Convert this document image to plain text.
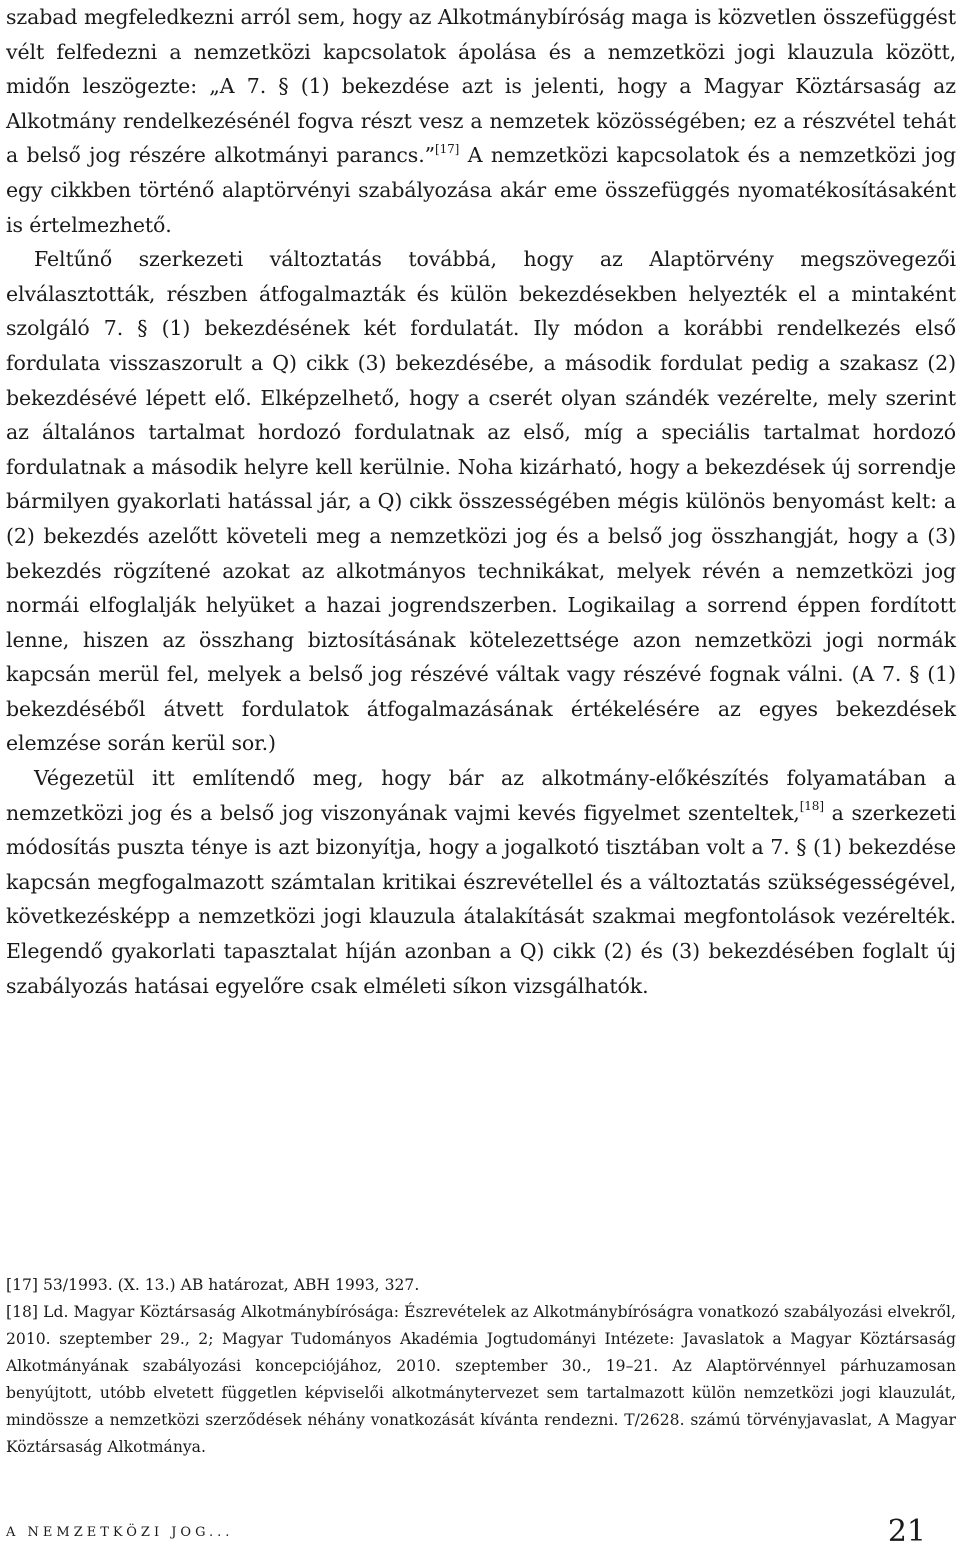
szabad megfeledkezni arról sem, hogy az Alkotmánybíróság maga is közvetlen összefüggést vélt felfedezni a nemzetközi kapcsolatok ápolása és a nemzetközi jogi klauzula között, midőn leszögezte: „A 7. § (1) bekezdése azt is jelenti, hogy a Magyar Köztársaság az Alkotmány rendelkezésénél fogva részt vesz a nemzetek közösségében; ez a részvétel tehát a belső jog részére alkotmányi parancs.”[17] A nemzetközi kapcsolatok és a nemzetközi jog egy cikkben történő alaptörvényi szabályozása akár eme összefüggés nyomatékosításaként is értelmezhető.

Feltűnő szerkezeti változtatás továbbá, hogy az Alaptörvény megszövegezői elválasztották, részben átfogalmazták és külön bekezdésekben helyezték el a mintaként szolgáló 7. § (1) bekezdésének két fordulatát. Ily módon a korábbi rendelkezés első fordulata visszaszorult a Q) cikk (3) bekezdésébe, a második fordulat pedig a szakasz (2) bekezdésévé lépett elő. Elképzelhető, hogy a cserét olyan szándék vezérelte, mely szerint az általános tartalmat hordozó fordulatnak az első, míg a speciális tartalmat hordozó fordulatnak a második helyre kell kerülnie. Noha kizárható, hogy a bekezdések új sorrendje bármilyen gyakorlati hatással jár, a Q) cikk összességében mégis különös benyomást kelt: a (2) bekezdés azelőtt követeli meg a nemzetközi jog és a belső jog összhangját, hogy a (3) bekezdés rögzítené azokat az alkotmányos technikákat, melyek révén a nemzetközi jog normái elfoglalják helyüket a hazai jogrendszerben. Logikailag a sorrend éppen fordított lenne, hiszen az összhang biztosításának kötelezettsége azon nemzetközi jogi normák kapcsán merül fel, melyek a belső jog részévé váltak vagy részévé fognak válni. (A 7. § (1) bekezdéséből átvett fordulatok átfogalmazásának értékelésére az egyes bekezdések elemzése során kerül sor.)

Végezetül itt említendő meg, hogy bár az alkotmány-előkészítés folyamatában a nemzetközi jog és a belső jog viszonyának vajmi kevés figyelmet szenteltek,[18] a szerkezeti módosítás puszta ténye is azt bizonyítja, hogy a jogalkotó tisztában volt a 7. § (1) bekezdése kapcsán megfogalmazott számtalan kritikai észrevétellel és a változtatás szükségességével, következésképp a nemzetközi jogi klauzula átalakítását szakmai megfontolások vezérelték. Elegendő gyakorlati tapasztalat híján azonban a Q) cikk (2) és (3) bekezdésében foglalt új szabályozás hatásai egyelőre csak elméleti síkon vizsgálhatók.

[17] 53/1993. (X. 13.) AB határozat, ABH 1993, 327.

[18] Ld. Magyar Köztársaság Alkotmánybírósága: Észrevételek az Alkotmánybíróságra vonatkozó szabályozási elvekről, 2010. szeptember 29., 2; Magyar Tudományos Akadémia Jogtudományi Intézete: Javaslatok a Magyar Köztársaság Alkotmányának szabályozási koncepciójához, 2010. szeptember 30., 19–21. Az Alaptörvénnyel párhuzamosan benyújtott, utóbb elvetett független képviselői alkotmánytervezet sem tartalmazott külön nemzetközi jogi klauzulát, mindössze a nemzetközi szerződések néhány vonatkozását kívánta rendezni. T/2628. számú törvényjavaslat, A Magyar Köztársaság Alkotmánya.

A NEMZETKÖZI JOG...	21
